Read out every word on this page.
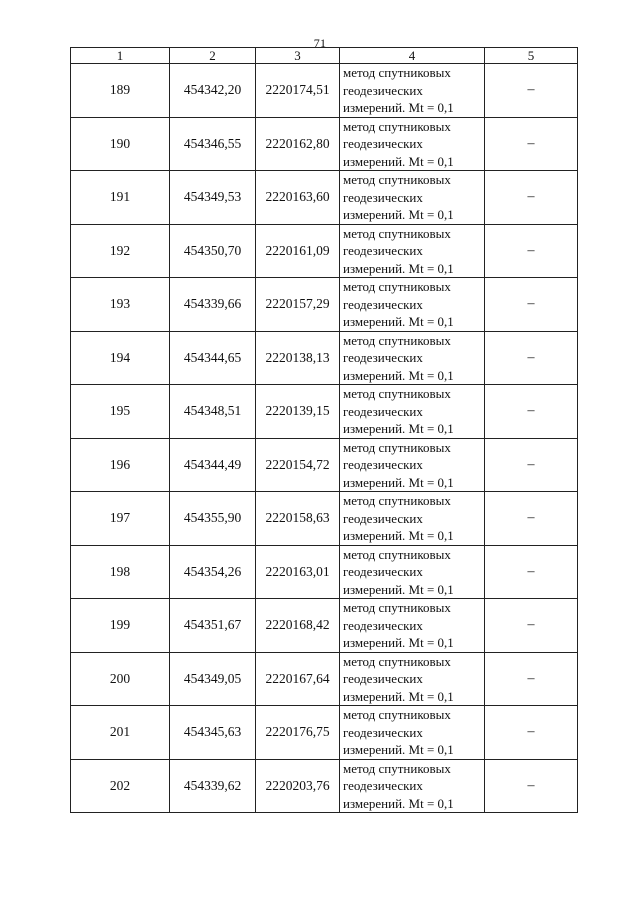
71
1	2	3	4	5
189	454342,20	2220174,51	метод спутниковых
геодезических
измерений. Mt = 0,1	–
190	454346,55	2220162,80	метод спутниковых
геодезических
измерений. Mt = 0,1	–
191	454349,53	2220163,60	метод спутниковых
геодезических
измерений. Mt = 0,1	–
192	454350,70	2220161,09	метод спутниковых
геодезических
измерений. Mt = 0,1	–
193	454339,66	2220157,29	метод спутниковых
геодезических
измерений. Mt = 0,1	–
194	454344,65	2220138,13	метод спутниковых
геодезических
измерений. Mt = 0,1	–
195	454348,51	2220139,15	метод спутниковых
геодезических
измерений. Mt = 0,1	–
196	454344,49	2220154,72	метод спутниковых
геодезических
измерений. Mt = 0,1	–
197	454355,90	2220158,63	метод спутниковых
геодезических
измерений. Mt = 0,1	–
198	454354,26	2220163,01	метод спутниковых
геодезических
измерений. Mt = 0,1	–
199	454351,67	2220168,42	метод спутниковых
геодезических
измерений. Mt = 0,1	–
200	454349,05	2220167,64	метод спутниковых
геодезических
измерений. Mt = 0,1	–
201	454345,63	2220176,75	метод спутниковых
геодезических
измерений. Mt = 0,1	–
202	454339,62	2220203,76	метод спутниковых
геодезических
измерений. Mt = 0,1	–
